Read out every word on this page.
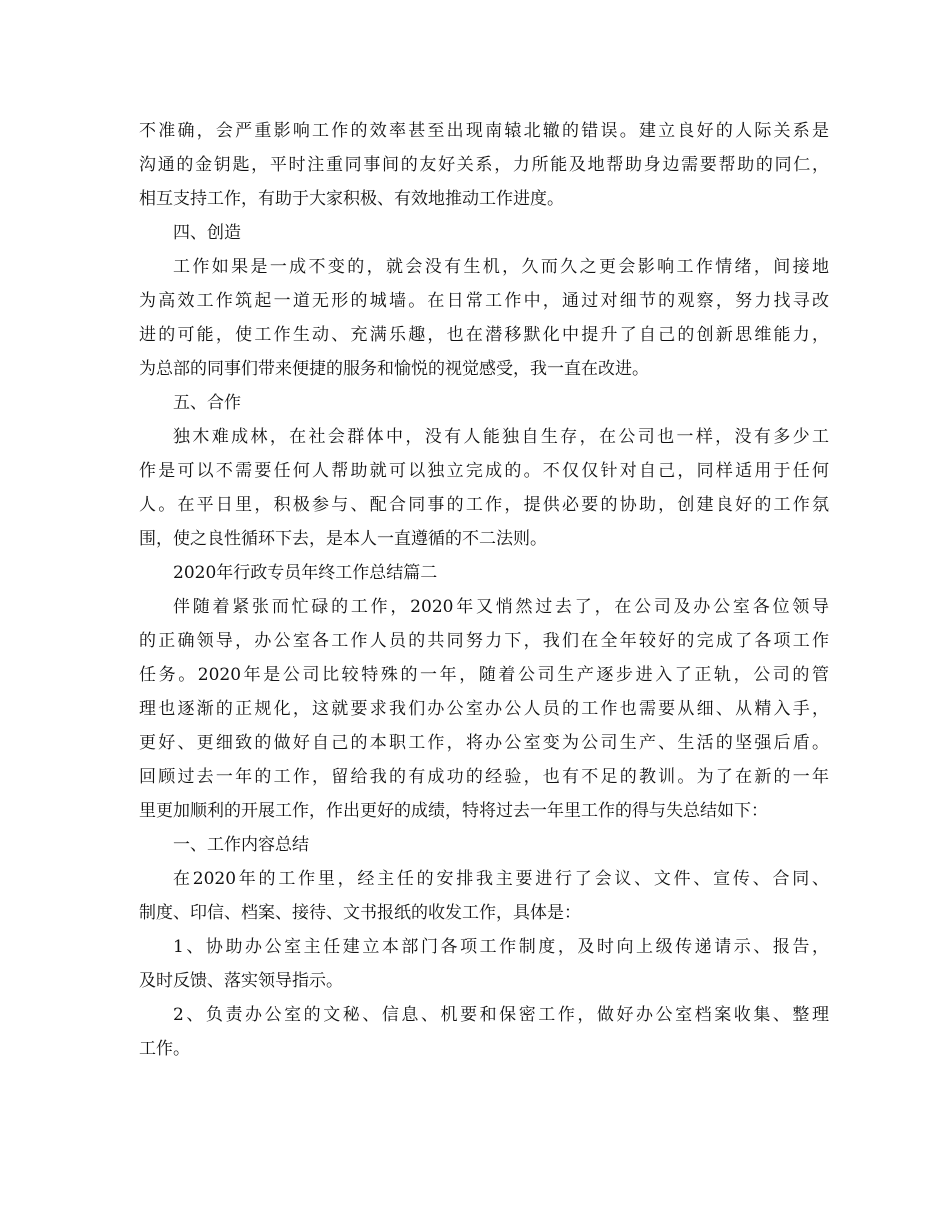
不准确，会严重影响工作的效率甚至出现南辕北辙的错误。建立良好的人际关系是
沟通的金钥匙，平时注重同事间的友好关系，力所能及地帮助身边需要帮助的同仁，
相互支持工作，有助于大家积极、有效地推动工作进度。
四、创造
工作如果是一成不变的，就会没有生机，久而久之更会影响工作情绪，间接地
为高效工作筑起一道无形的城墙。在日常工作中，通过对细节的观察，努力找寻改
进的可能，使工作生动、充满乐趣，也在潜移默化中提升了自己的创新思维能力，
为总部的同事们带来便捷的服务和愉悦的视觉感受，我一直在改进。
五、合作
独木难成林，在社会群体中，没有人能独自生存，在公司也一样，没有多少工
作是可以不需要任何人帮助就可以独立完成的。不仅仅针对自己，同样适用于任何
人。在平日里，积极参与、配合同事的工作，提供必要的协助，创建良好的工作氛
围，使之良性循环下去，是本人一直遵循的不二法则。
2020年行政专员年终工作总结篇二
伴随着紧张而忙碌的工作，2020年又悄然过去了，在公司及办公室各位领导
的正确领导，办公室各工作人员的共同努力下，我们在全年较好的完成了各项工作
任务。2020年是公司比较特殊的一年，随着公司生产逐步进入了正轨，公司的管
理也逐渐的正规化，这就要求我们办公室办公人员的工作也需要从细、从精入手，
更好、更细致的做好自己的本职工作，将办公室变为公司生产、生活的坚强后盾。
回顾过去一年的工作，留给我的有成功的经验，也有不足的教训。为了在新的一年
里更加顺利的开展工作，作出更好的成绩，特将过去一年里工作的得与失总结如下：
一、工作内容总结
在2020年的工作里，经主任的安排我主要进行了会议、文件、宣传、合同、
制度、印信、档案、接待、文书报纸的收发工作，具体是：
1、协助办公室主任建立本部门各项工作制度，及时向上级传递请示、报告，
及时反馈、落实领导指示。
2、负责办公室的文秘、信息、机要和保密工作，做好办公室档案收集、整理
工作。
